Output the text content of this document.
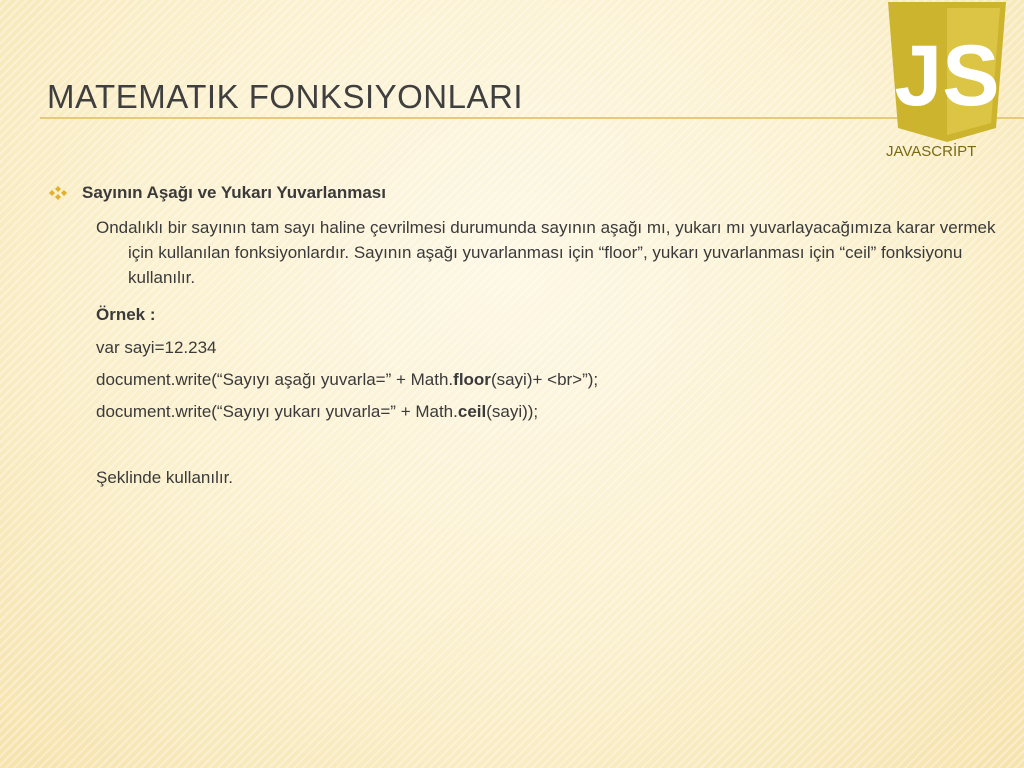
MATEMATIK FONKSIYONLARI	JS
JAVASCRİPT
Sayının Aşağı ve Yukarı Yuvarlanması
Ondalıklı bir sayının tam sayı haline çevrilmesi durumunda sayının aşağı mı, yukarı mı yuvarlayacağımıza karar vermek için kullanılan fonksiyonlardır. Sayının aşağı yuvarlanması için “floor”, yukarı yuvarlanması için “ceil” fonksiyonu kullanılır.
Örnek :
var sayi=12.234
document.write(“Sayıyı aşağı yuvarla=” + Math.floor(sayi)+ <br>”);
document.write(“Sayıyı yukarı yuvarla=” + Math.ceil(sayi));
Şeklinde kullanılır.
